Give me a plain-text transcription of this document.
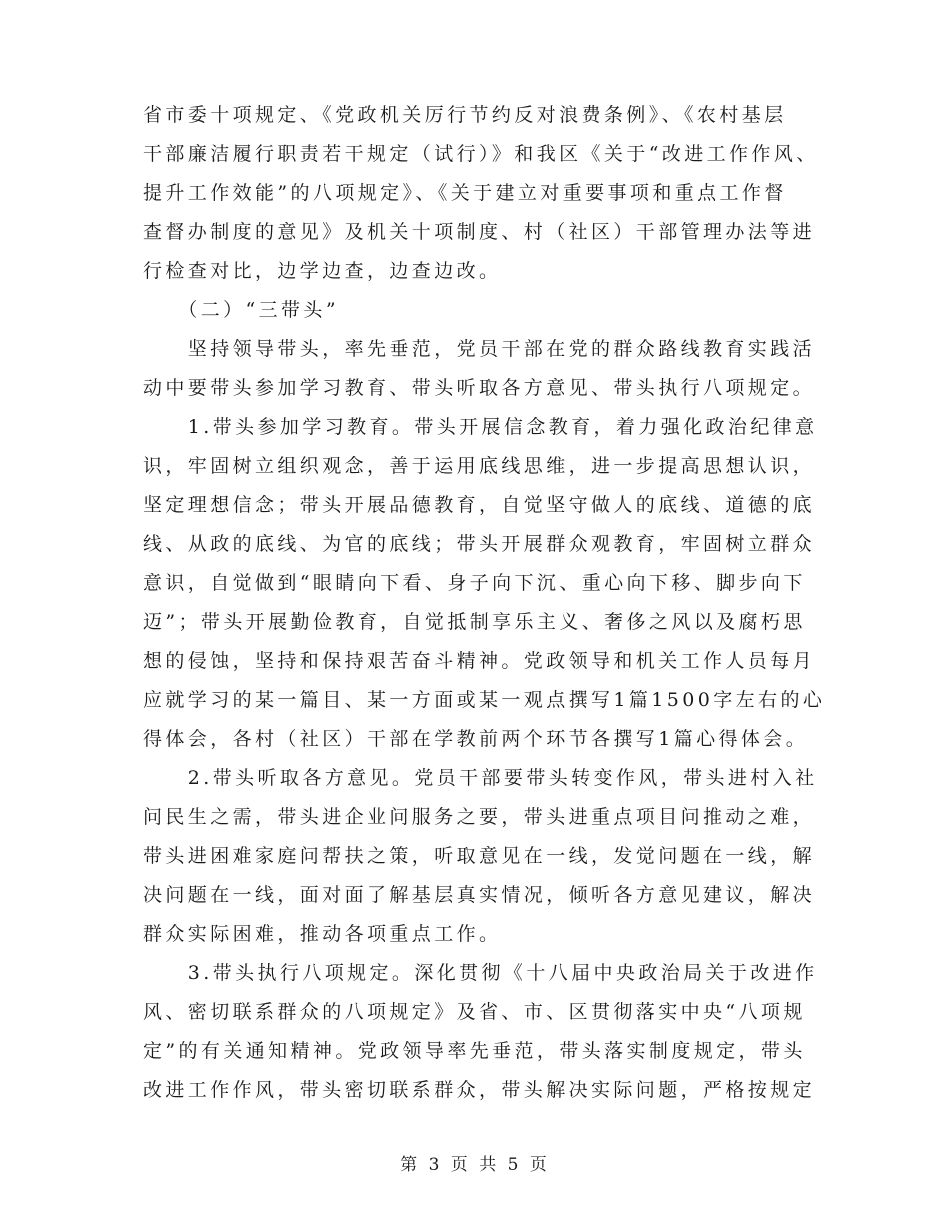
省市委十项规定、《党政机关厉行节约反对浪费条例》、《农村基层
干部廉洁履行职责若干规定（试行）》和我区《关于“改进工作作风、
提升工作效能”的八项规定》、《关于建立对重要事项和重点工作督
查督办制度的意见》及机关十项制度、村（社区）干部管理办法等进
行检查对比，边学边查，边查边改。
　　（二）“三带头”
　　坚持领导带头，率先垂范，党员干部在党的群众路线教育实践活
动中要带头参加学习教育、带头听取各方意见、带头执行八项规定。
　　1.带头参加学习教育。带头开展信念教育，着力强化政治纪律意
识，牢固树立组织观念，善于运用底线思维，进一步提高思想认识，
坚定理想信念；带头开展品德教育，自觉坚守做人的底线、道德的底
线、从政的底线、为官的底线；带头开展群众观教育，牢固树立群众
意识，自觉做到“眼睛向下看、身子向下沉、重心向下移、脚步向下
迈”；带头开展勤俭教育，自觉抵制享乐主义、奢侈之风以及腐朽思
想的侵蚀，坚持和保持艰苦奋斗精神。党政领导和机关工作人员每月
应就学习的某一篇目、某一方面或某一观点撰写1篇1500字左右的心
得体会，各村（社区）干部在学教前两个环节各撰写1篇心得体会。
　　2.带头听取各方意见。党员干部要带头转变作风，带头进村入社
问民生之需，带头进企业问服务之要，带头进重点项目问推动之难，
带头进困难家庭问帮扶之策，听取意见在一线，发觉问题在一线，解
决问题在一线，面对面了解基层真实情况，倾听各方意见建议，解决
群众实际困难，推动各项重点工作。
　　3.带头执行八项规定。深化贯彻《十八届中央政治局关于改进作
风、密切联系群众的八项规定》及省、市、区贯彻落实中央“八项规
定”的有关通知精神。党政领导率先垂范，带头落实制度规定，带头
改进工作作风，带头密切联系群众，带头解决实际问题，严格按规定
第 3 页 共 5 页
